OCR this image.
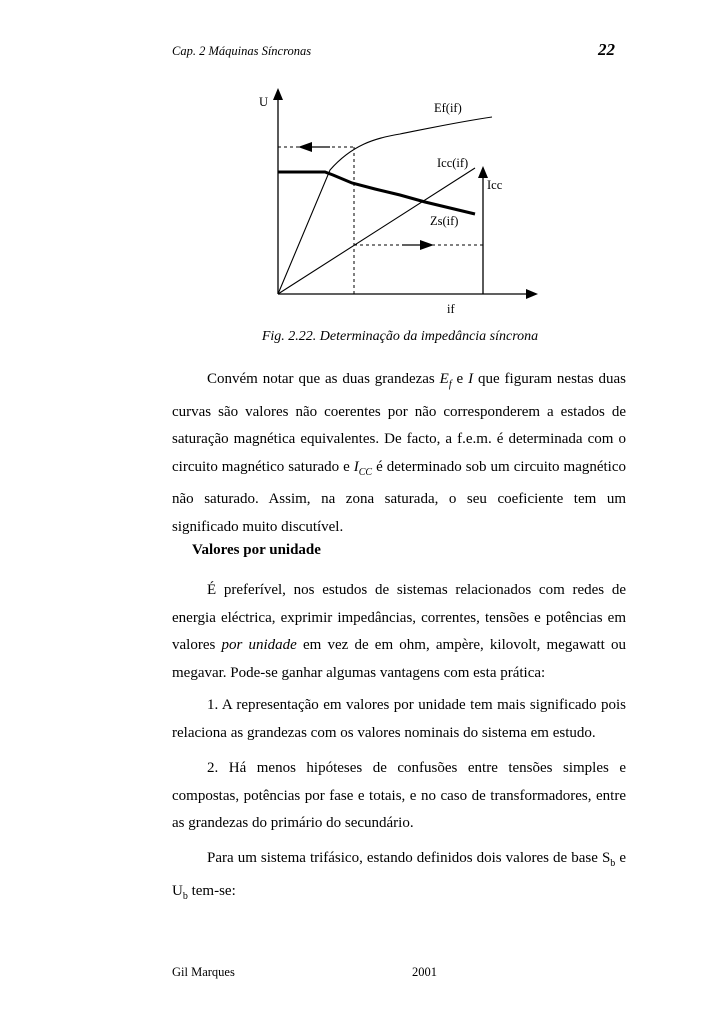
Cap. 2 Máquinas Síncronas	22
U	Ef(if)
Icc(if)
Icc
Zs(if)
if
Fig. 2.22. Determinação da impedância síncrona

Convém notar que as duas grandezas $E_f$ e I que figuram nestas duas curvas são valores não coerentes por não corresponderem a estados de saturação magnética equivalentes. De facto, a f.e.m. é determinada com o circuito magnético saturado e $I_{CC}$ é determinado sob um circuito magnético não saturado. Assim, na zona saturada, o seu coeficiente tem um significado muito discutível.

Valores por unidade

É preferível, nos estudos de sistemas relacionados com redes de energia eléctrica, exprimir impedâncias, correntes, tensões e potências em valores por unidade em vez de em ohm, ampère, kilovolt, megawatt ou megavar. Pode-se ganhar algumas vantagens com esta prática:

1. A representação em valores por unidade tem mais significado pois relaciona as grandezas com os valores nominais do sistema em estudo.

2. Há menos hipóteses de confusões entre tensões simples e compostas, potências por fase e totais, e no caso de transformadores, entre as grandezas do primário do secundário.

Para um sistema trifásico, estando definidos dois valores de base $S_b$ e $U_b$ tem-se:

Gil Marques	2001
